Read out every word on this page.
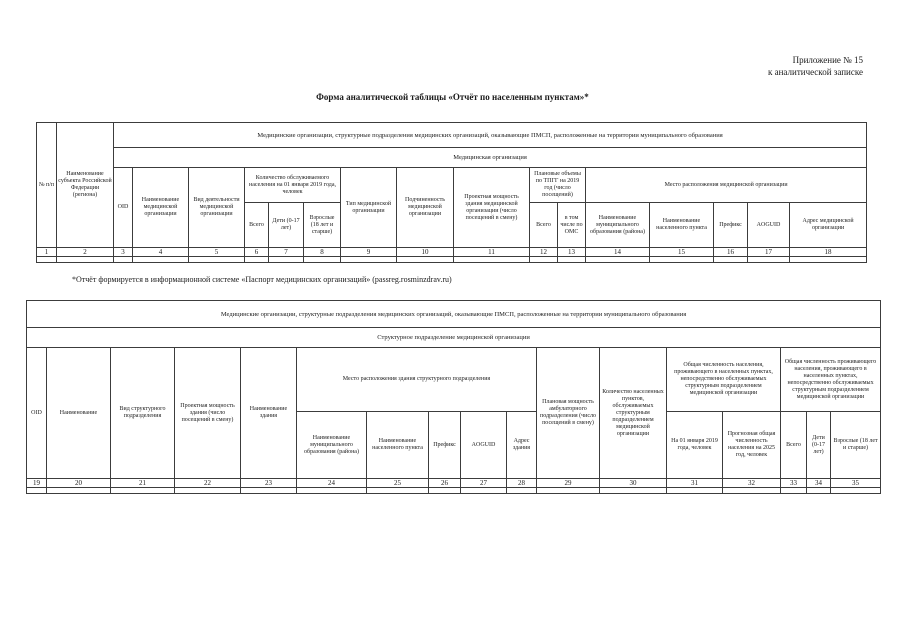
Приложение № 15
к аналитической записке
Форма аналитической таблицы «Отчёт по населенным пунктам»*
№ п/п	Наименование субъекта Российской Федерации (региона)	Медицинские организации, структурные подразделения медицинских организаций, оказывающие ПМСП, расположенные на территории муниципального образования															
		Медицинская организация															
		OID	Наименование медицинской организации	Вид деятельности медицинской организации	Количество обслуживаемого населения на 01 января 2019 года, человек			Тип медицинской организации	Подчиненность медицинской организации	Проектная мощность здания медицинской организации (число посещений в смену)	Плановые объемы по ТПГГ на 2019 год (число посещений)		Место расположения медицинской организации				
					Всего	Дети (0-17 лет)	Взрослые (18 лет и старше)				Всего	в том числе по ОМС	Наименование муниципального образования (района)	Наименование населенного пункта	Префикс	AOGUID	Адрес медицинской организации
1	2	3	4	5	6	7	8	9	10	11	12	13	14	15	16	17	18

*Отчёт формируется в информационной системе «Паспорт медицинских организаций» (passreg.rosminzdrav.ru)
Медицинские организации, структурные подразделения медицинских организаций, оказывающие ПМСП, расположенные на территории муниципального образования																
Структурное подразделение медицинской организации																
OID	Наименование	Вид структурного подразделения	Проектная мощность здания (число посещений в смену)	Наименование здания	Место расположения здания структурного подразделения					Плановая мощность амбулаторного подразделения (число посещений в смену)	Количество населенных пунктов, обслуживаемых структурным подразделением медицинской организации	Общая численность населения, проживающего в населенных пунктах, непосредственно обслуживаемых структурным подразделением медицинской организации		Общая численность проживающего населения, проживающего в населенных пунктах, непосредственно обслуживаемых структурным подразделением медицинской организации		
					Наименование муниципального образования (района)	Наименование населенного пункта	Префикс	AOGUID	Адрес здания			На 01 января 2019 года, человек	Прогнозная общая численность населения на 2025 год, человек	Всего	Дети (0-17 лет)	Взрослые (18 лет и старше)
19	20	21	22	23	24	25	26	27	28	29	30	31	32	33	34	35
